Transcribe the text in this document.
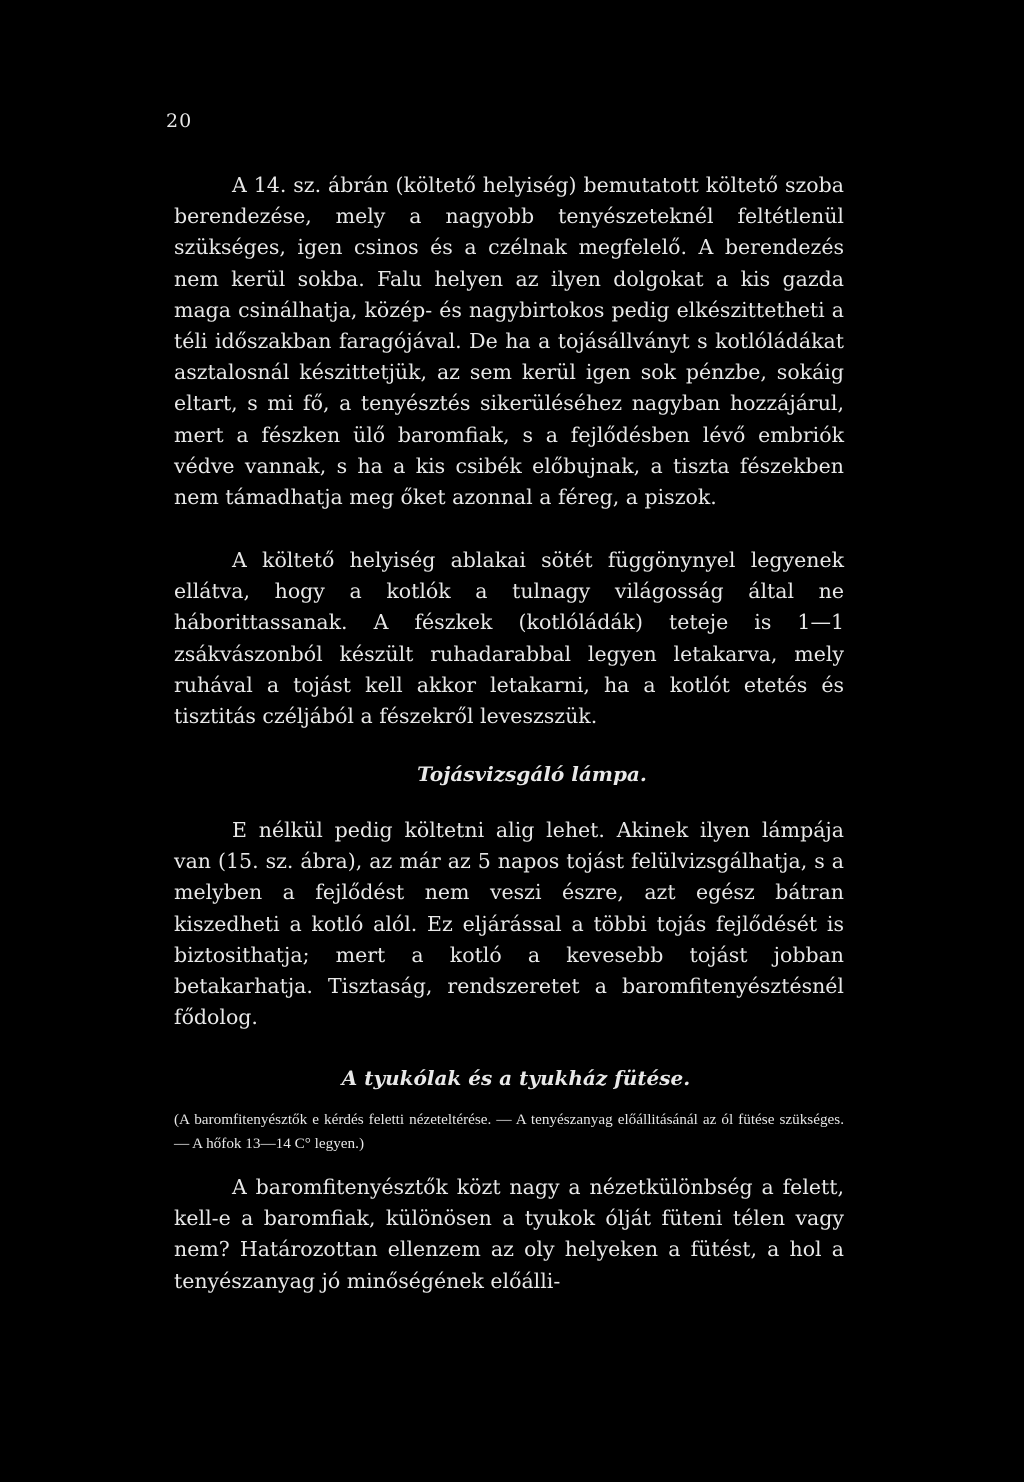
20

A 14. sz. ábrán (költető helyiség) bemutatott költető szoba berendezése, mely a nagyobb tenyészeteknél feltétlenül szükséges, igen csinos és a czélnak megfelelő. A berendezés nem kerül sokba. Falu helyen az ilyen dolgokat a kis gazda maga csinálhatja, közép- és nagybirtokos pedig elkészittetheti a téli időszakban faragójával. De ha a tojásállványt s kotlóládákat asztalosnál készittetjük, az sem kerül igen sok pénzbe, sokáig eltart, s mi fő, a tenyésztés sikerüléséhez nagyban hozzájárul, mert a fészken ülő baromfiak, s a fejlődésben lévő embriók védve vannak, s ha a kis csibék előbujnak, a tiszta fészekben nem támadhatja meg őket azonnal a féreg, a piszok.

A költető helyiség ablakai sötét függönynyel legyenek ellátva, hogy a kotlók a tulnagy világosság által ne háborittassanak. A fészkek (kotlóládák) teteje is 1—1 zsákvászonból készült ruhadarabbal legyen letakarva, mely ruhával a tojást kell akkor letakarni, ha a kotlót etetés és tisztitás czéljából a fészekről leveszszük.

Tojásvizsgáló lámpa.

E nélkül pedig költetni alig lehet. Akinek ilyen lámpája van (15. sz. ábra), az már az 5 napos tojást felülvizsgálhatja, s a melyben a fejlődést nem veszi észre, azt egész bátran kiszedheti a kotló alól. Ez eljárással a többi tojás fejlődését is biztosithatja; mert a kotló a kevesebb tojást jobban betakarhatja. Tisztaság, rendszeretet a baromfitenyésztésnél fődolog.

A tyukólak és a tyukház fütése.

(A baromfitenyésztők e kérdés feletti nézeteltérése. — A tenyészanyag előállitásánál az ól fütése szükséges. — A hőfok 13—14 C° legyen.)

A baromfitenyésztők közt nagy a nézetkülönbség a felett, kell-e a baromfiak, különösen a tyukok ólját füteni télen vagy nem? Határozottan ellenzem az oly helyeken a fütést, a hol a tenyészanyag jó minőségének előálli-
